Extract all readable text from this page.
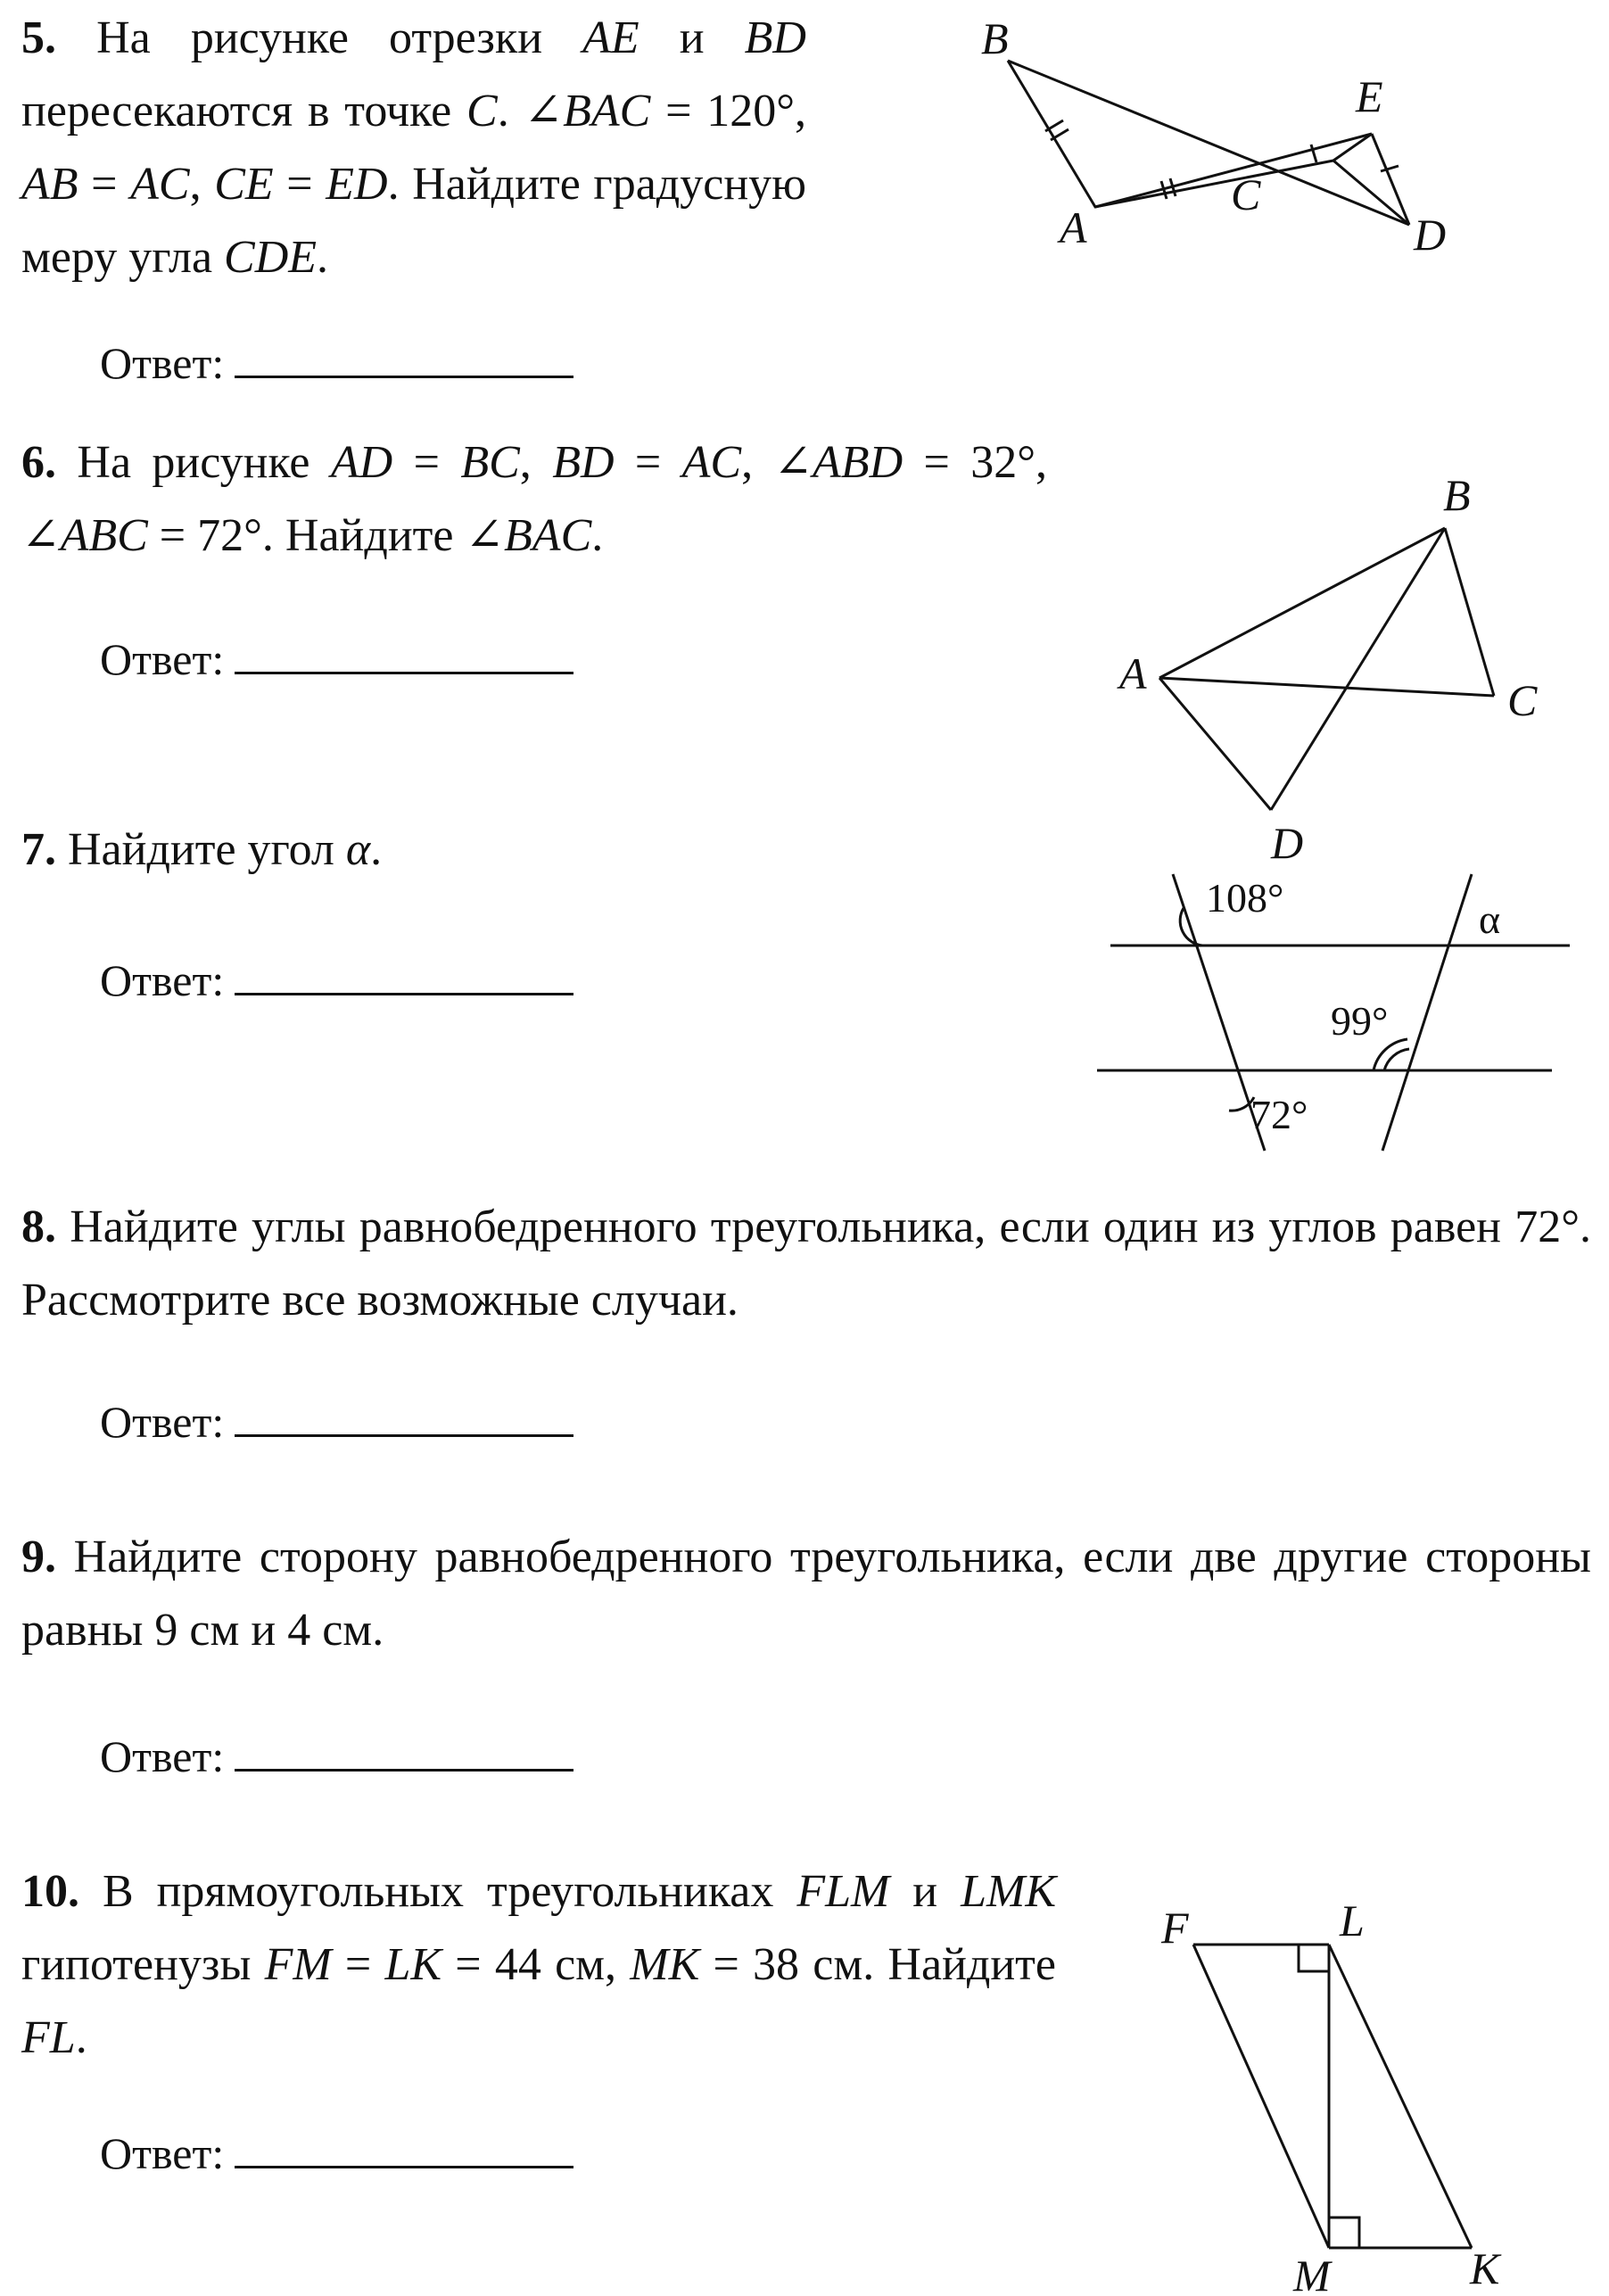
5. На рисунке отрезки AE и BD пересекаются в точке C. ∠BAC = 120°, AB = AC, CE = ED. Найдите градусную меру угла CDE.

Ответ:
B
E
A
C
D

6. На рисунке AD = BC, BD = AC, ∠ABD = 32°, ∠ABC = 72°. Найдите ∠BAC.

Ответ:
B
A
C
D

7. Найдите угол α.

Ответ:
108°
99°
72°
α

8. Найдите углы равнобедренного треугольника, если один из углов равен 72°. Рассмотрите все возможные случаи.

Ответ:

9. Найдите сторону равнобедренного треугольника, если две другие стороны равны 9 см и 4 см.

Ответ:

10. В прямоугольных треугольниках FLM и LMK гипотенузы FM = LK = 44 см, MK = 38 см. Найдите FL.

Ответ:
F	L
M	K
